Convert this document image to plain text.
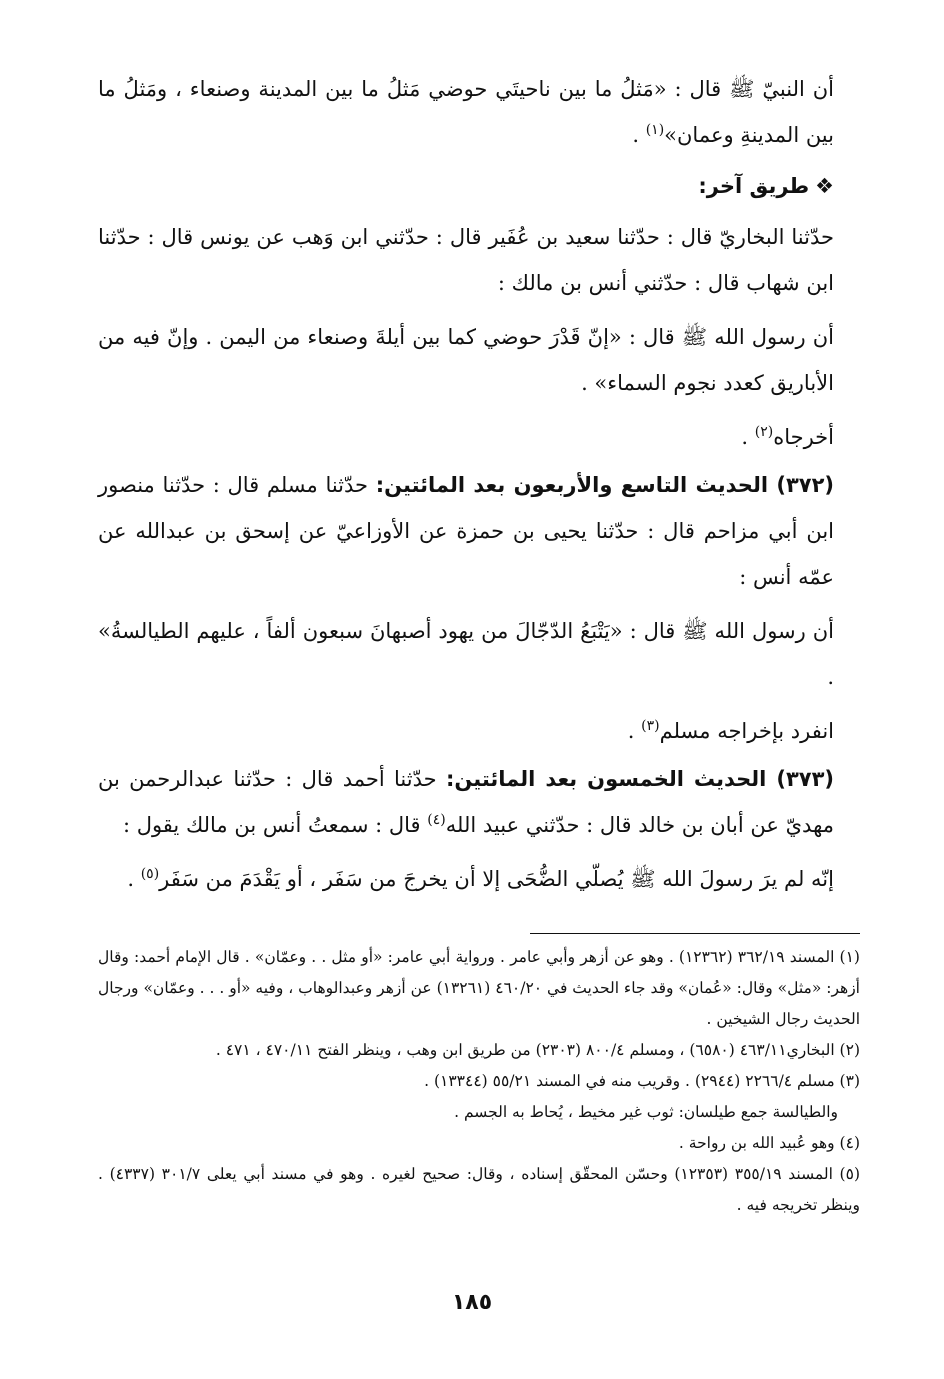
أن النبيّ ﷺ قال : «مَثلُ ما بين ناحيتَي حوضي مَثلُ ما بين المدينة وصنعاء ، ومَثلُ ما بين المدينةِ وعمان»$^{(١)}$ .

❖طريق آخر:

حدّثنا البخاريّ قال : حدّثنا سعيد بن عُفَير قال : حدّثني ابن وَهب عن يونس قال : حدّثنا ابن شهاب قال : حدّثني أنس بن مالك :

أن رسول الله ﷺ قال : «إنّ قَدْرَ حوضي كما بين أيلةَ وصنعاء من اليمن . وإنّ فيه من الأباريق كعدد نجوم السماء» .

أخرجاه$^{(٢)}$ .

(٣٧٢) الحديث التاسع والأربعون بعد المائتين: حدّثنا مسلم قال : حدّثنا منصور ابن أبي مزاحم قال : حدّثنا يحيى بن حمزة عن الأوزاعيّ عن إسحق بن عبدالله عن عمّه أنس :

أن رسول الله ﷺ قال : «يَتْبَعُ الدّجّالَ من يهود أصبهانَ سبعون ألفاً ، عليهم الطيالسةُ» .

انفرد بإخراجه مسلم$^{(٣)}$ .

(٣٧٣) الحديث الخمسون بعد المائتين: حدّثنا أحمد قال : حدّثنا عبدالرحمن بن مهديّ عن أبان بن خالد قال : حدّثني عبيد الله$^{(٤)}$ قال : سمعتُ أنس بن مالك يقول :

إنّه لم يرَ رسولَ الله ﷺ يُصلّي الضُّحَى إلا أن يخرجَ من سَفَر ، أو يَقْدَمَ من سَفَر$^{(٥)}$ .

(١) المسند ٣٦٢/١٩ (١٢٣٦٢) . وهو عن أزهر وأبي عامر . ورواية أبي عامر: «أو مثل . . وعمّان» . قال الإمام أحمد: وقال أزهر: «مثل» وقال: «عُمان» وقد جاء الحديث في ٤٦٠/٢٠ (١٣٢٦١) عن أزهر وعبدالوهاب ، وفيه «أو . . . وعمّان» ورجال الحديث رجال الشيخين .

(٢) البخاري٤٦٣/١١ (٦٥٨٠) ، ومسلم ٨٠٠/٤ (٢٣٠٣) من طريق ابن وهب ، وينظر الفتح ٤٧٠/١١ ، ٤٧١ .

(٣) مسلم ٢٢٦٦/٤ (٢٩٤٤) . وقريب منه في المسند ٥٥/٢١ (١٣٣٤٤) .

والطيالسة جمع طيلسان: ثوب غير مخيط ، يُحاط به الجسم .

(٤) وهو عُبيد الله بن رواحة .

(٥) المسند ٣٥٥/١٩ (١٢٣٥٣) وحسّن المحقّق إسناده ، وقال: صحيح لغيره . وهو في مسند أبي يعلى ٣٠١/٧ (٤٣٣٧) . وينظر تخريجه فيه .

١٨٥
